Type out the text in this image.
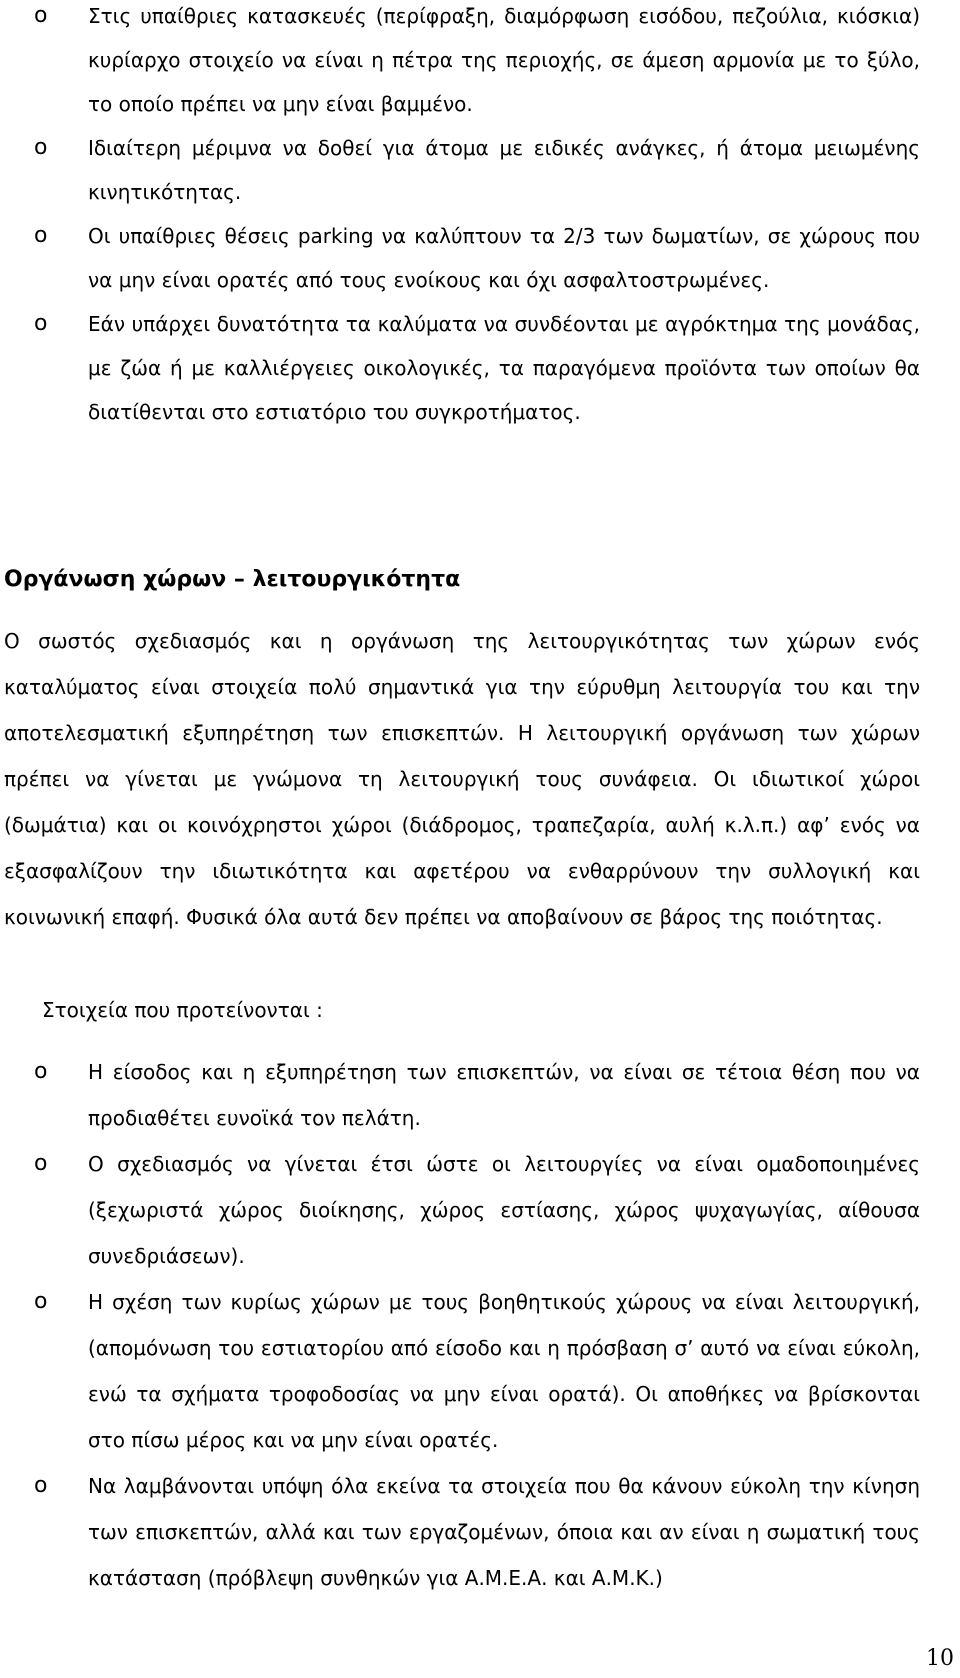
o Στις υπαίθριες κατασκευές (περίφραξη, διαμόρφωση εισόδου, πεζούλια, κιόσκια) κυρίαρχο στοιχείο να είναι η πέτρα της περιοχής, σε άμεση αρμονία με το ξύλο, το οποίο πρέπει να μην είναι βαμμένο.
o Ιδιαίτερη μέριμνα να δοθεί για άτομα με ειδικές ανάγκες, ή άτομα μειωμένης κινητικότητας.
o Οι υπαίθριες θέσεις parking να καλύπτουν τα 2/3 των δωματίων, σε χώρους που να μην είναι ορατές από τους ενοίκους και όχι ασφαλτοστρωμένες.
o Εάν υπάρχει δυνατότητα τα καλύματα να συνδέονται με αγρόκτημα της μονάδας, με ζώα ή με καλλιέργειες οικολογικές, τα παραγόμενα προϊόντα των οποίων θα διατίθενται στο εστιατόριο του συγκροτήματος.
Οργάνωση χώρων – λειτουργικότητα

Ο σωστός σχεδιασμός και η οργάνωση της λειτουργικότητας των χώρων ενός καταλύματος είναι στοιχεία πολύ σημαντικά για την εύρυθμη λειτουργία του και την αποτελεσματική εξυπηρέτηση των επισκεπτών. Η λειτουργική οργάνωση των χώρων πρέπει να γίνεται με γνώμονα τη λειτουργική τους συνάφεια. Οι ιδιωτικοί χώροι (δωμάτια) και οι κοινόχρηστοι χώροι (διάδρομος, τραπεζαρία, αυλή κ.λ.π.) αφ’ ενός να εξασφαλίζουν την ιδιωτικότητα και αφετέρου να ενθαρρύνουν την συλλογική και κοινωνική επαφή. Φυσικά όλα αυτά δεν πρέπει να αποβαίνουν σε βάρος της ποιότητας.

Στοιχεία που προτείνονται :

o Η είσοδος και η εξυπηρέτηση των επισκεπτών, να είναι σε τέτοια θέση που να προδιαθέτει ευνοϊκά τον πελάτη.
o Ο σχεδιασμός να γίνεται έτσι ώστε οι λειτουργίες να είναι ομαδοποιημένες (ξεχωριστά χώρος διοίκησης, χώρος εστίασης, χώρος ψυχαγωγίας, αίθουσα συνεδριάσεων).
o Η σχέση των κυρίως χώρων με τους βοηθητικούς χώρους να είναι λειτουργική, (απομόνωση του εστιατορίου από είσοδο και η πρόσβαση σ’ αυτό να είναι εύκολη, ενώ τα σχήματα τροφοδοσίας να μην είναι ορατά). Οι αποθήκες να βρίσκονται στο πίσω μέρος και να μην είναι ορατές.
o Να λαμβάνονται υπόψη όλα εκείνα τα στοιχεία που θα κάνουν εύκολη την κίνηση των επισκεπτών, αλλά και των εργαζομένων, όποια και αν είναι η σωματική τους κατάσταση (πρόβλεψη συνθηκών για Α.Μ.Ε.Α. και Α.Μ.Κ.)

10
